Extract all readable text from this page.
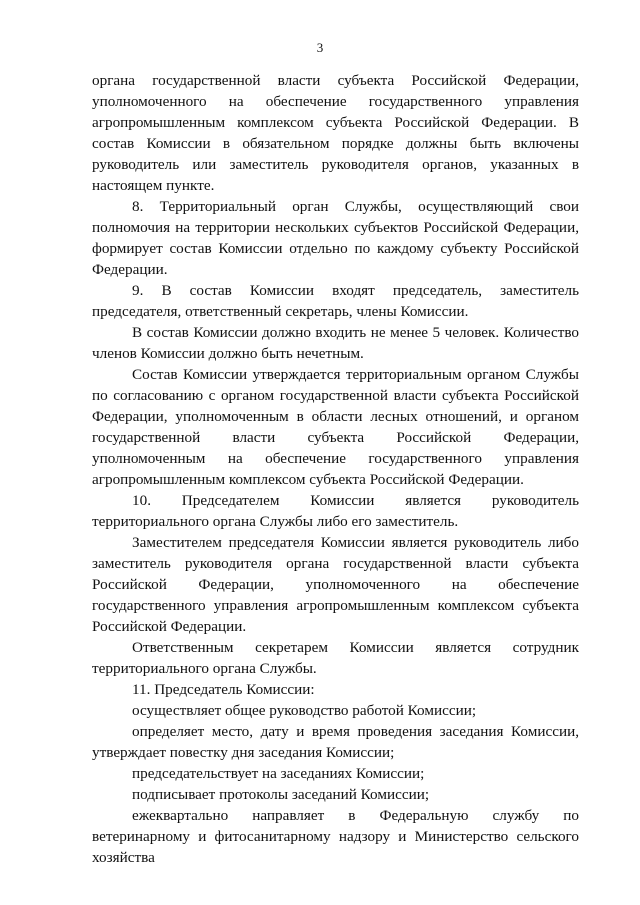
3

органа государственной власти субъекта Российской Федерации, уполномоченного на обеспечение государственного управления агропромышленным комплексом субъекта Российской Федерации. В состав Комиссии в обязательном порядке должны быть включены руководитель или заместитель руководителя органов, указанных в настоящем пункте.

8. Территориальный орган Службы, осуществляющий свои полномочия на территории нескольких субъектов Российской Федерации, формирует состав Комиссии отдельно по каждому субъекту Российской Федерации.

9. В состав Комиссии входят председатель, заместитель председателя, ответственный секретарь, члены Комиссии.

В состав Комиссии должно входить не менее 5 человек. Количество членов Комиссии должно быть нечетным.

Состав Комиссии утверждается территориальным органом Службы по согласованию с органом государственной власти субъекта Российской Федерации, уполномоченным в области лесных отношений, и органом государственной власти субъекта Российской Федерации, уполномоченным на обеспечение государственного управления агропромышленным комплексом субъекта Российской Федерации.

10. Председателем Комиссии является руководитель территориального органа Службы либо его заместитель.

Заместителем председателя Комиссии является руководитель либо заместитель руководителя органа государственной власти субъекта Российской Федерации, уполномоченного на обеспечение государственного управления агропромышленным комплексом субъекта Российской Федерации.

Ответственным секретарем Комиссии является сотрудник территориального органа Службы.

11. Председатель Комиссии:

осуществляет общее руководство работой Комиссии;

определяет место, дату и время проведения заседания Комиссии, утверждает повестку дня заседания Комиссии;

председательствует на заседаниях Комиссии;

подписывает протоколы заседаний Комиссии;

ежеквартально направляет в Федеральную службу по ветеринарному и фитосанитарному надзору и Министерство сельского хозяйства
